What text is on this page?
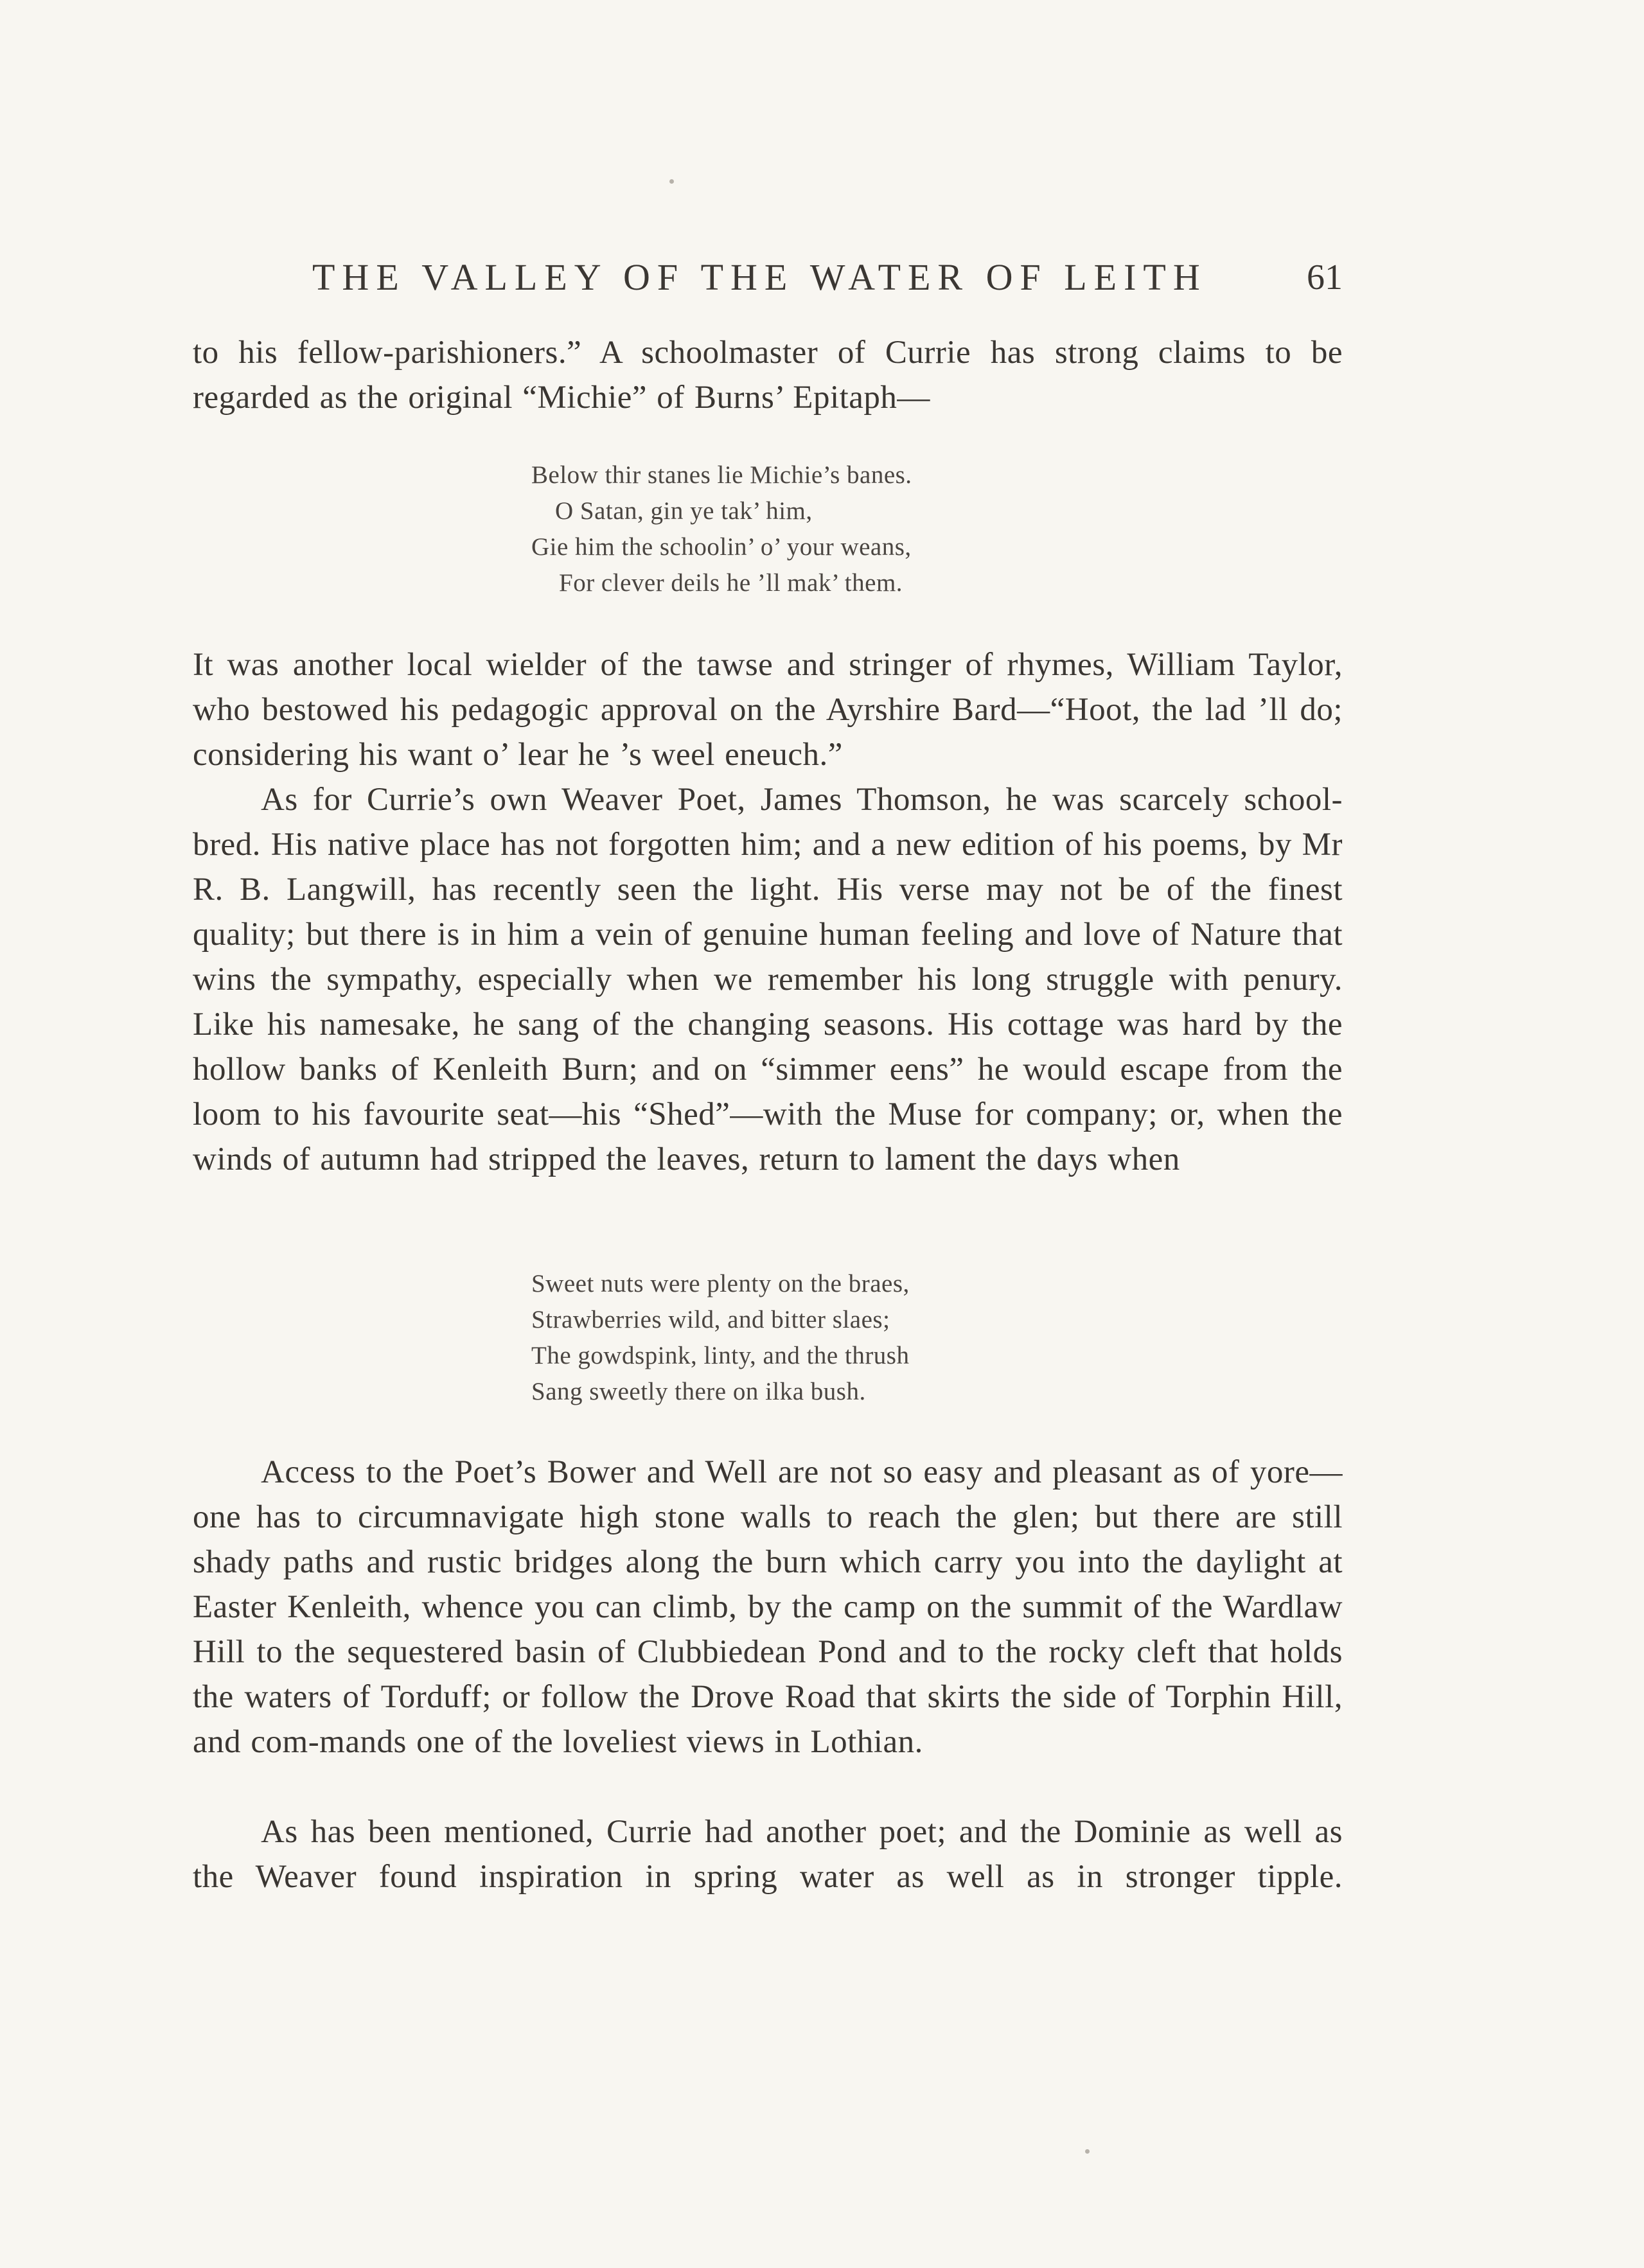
THE VALLEY OF THE WATER OF LEITH	61

to his fellow-parishioners.” A schoolmaster of Currie has strong claims to be regarded as the original “Michie” of Burns’ Epitaph—

Below thir stanes lie Michie’s banes.
O Satan, gin ye tak’ him,
Gie him the schoolin’ o’ your weans,
For clever deils he ’ll mak’ them.

It was another local wielder of the tawse and stringer of rhymes, William Taylor, who bestowed his pedagogic approval on the Ayrshire Bard—“Hoot, the lad ’ll do; considering his want o’ lear he ’s weel eneuch.”

As for Currie’s own Weaver Poet, James Thomson, he was scarcely school-bred. His native place has not forgotten him; and a new edition of his poems, by Mr R. B. Langwill, has recently seen the light. His verse may not be of the finest quality; but there is in him a vein of genuine human feeling and love of Nature that wins the sympathy, especially when we remember his long struggle with penury. Like his namesake, he sang of the changing seasons. His cottage was hard by the hollow banks of Kenleith Burn; and on “simmer eens” he would escape from the loom to his favourite seat—his “Shed”—with the Muse for company; or, when the winds of autumn had stripped the leaves, return to lament the days when

Sweet nuts were plenty on the braes,
Strawberries wild, and bitter slaes;
The gowdspink, linty, and the thrush
Sang sweetly there on ilka bush.

Access to the Poet’s Bower and Well are not so easy and pleasant as of yore—one has to circumnavigate high stone walls to reach the glen; but there are still shady paths and rustic bridges along the burn which carry you into the daylight at Easter Kenleith, whence you can climb, by the camp on the summit of the Wardlaw Hill to the sequestered basin of Clubbiedean Pond and to the rocky cleft that holds the waters of Torduff; or follow the Drove Road that skirts the side of Torphin Hill, and com-mands one of the loveliest views in Lothian.

As has been mentioned, Currie had another poet; and the Dominie as well as the Weaver found inspiration in spring water as well as in stronger tipple.
